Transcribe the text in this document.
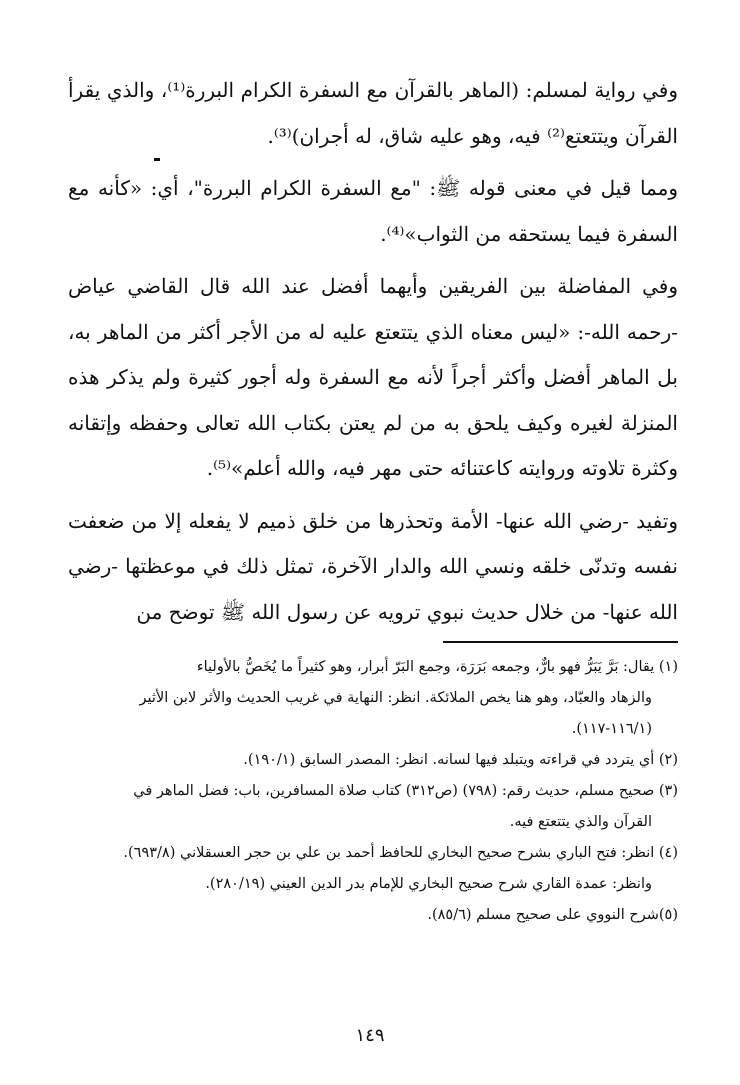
وفي رواية لمسلم: (الماهر بالقرآن مع السفرة الكرام البررة⁽¹⁾، والذي يقرأ القرآن ويتتعتع⁽²⁾ فيه، وهو عليه شاق، له أجران)⁽³⁾.

ومما قيل في معنى قوله ﷺ: "مع السفرة الكرام البررة"، أي: «كأنه مع السفرة فيما يستحقه من الثواب»⁽⁴⁾.

وفي المفاضلة بين الفريقين وأيهما أفضل عند الله قال القاضي عياض -رحمه الله-: «ليس معناه الذي يتتعتع عليه له من الأجر أكثر من الماهر به، بل الماهر أفضل وأكثر أجراً لأنه مع السفرة وله أجور كثيرة ولم يذكر هذه المنزلة لغيره وكيف يلحق به من لم يعتن بكتاب الله تعالى وحفظه وإتقانه وكثرة تلاوته وروايته كاعتنائه حتى مهر فيه، والله أعلم»⁽⁵⁾.

وتفيد -رضي الله عنها- الأمة وتحذرها من خلق ذميم لا يفعله إلا من ضعفت نفسه وتدنّى خلقه ونسي الله والدار الآخرة، تمثل ذلك في موعظتها -رضي الله عنها- من خلال حديث نبوي ترويه عن رسول الله ﷺ توضح من

(١) يقال: بَرَّ يَبَرُّ فهو بارٌّ، وجمعه بَرَرَة، وجمع البَرّ أبرار، وهو كثيراً ما يُخَصُّ بالأولياء

والزهاد والعبّاد، وهو هنا يخص الملائكة. انظر: النهاية في غريب الحديث والأثر لابن الأثير

(١١٦/١-١١٧).

(٢) أي يتردد في قراءته ويتبلد فيها لسانه. انظر: المصدر السابق (١٩٠/١).

(٣) صحيح مسلم، حديث رقم: (٧٩٨) (ص٣١٢) كتاب صلاة المسافرين، باب: فضل الماهر في

القرآن والذي يتتعتع فيه.

(٤) انظر: فتح الباري بشرح صحيح البخاري للحافظ أحمد بن علي بن حجر العسقلاني (٦٩٣/٨).

وانظر: عمدة القاري شرح صحيح البخاري للإمام بدر الدين العيني (٢٨٠/١٩).

(٥)شرح النووي على صحيح مسلم (٨٥/٦).

١٤٩
